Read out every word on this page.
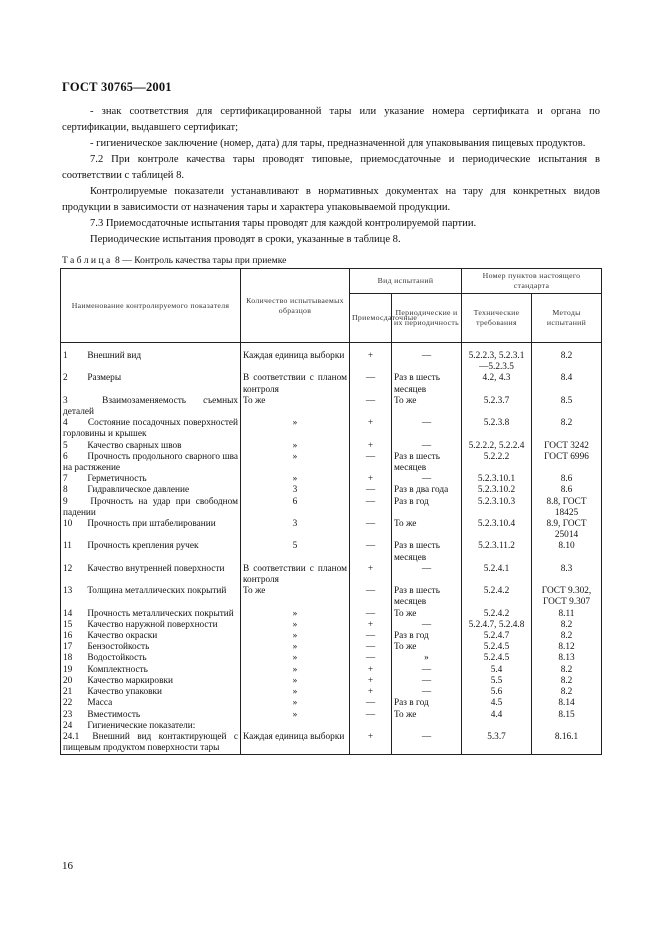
ГОСТ 30765—2001

- знак соответствия для сертификацированной тары или указание номера сертификата и органа по сертификации, выдавшего сертификат;

- гигиеническое заключение (номер, дата) для тары, предназначенной для упаковывания пищевых продуктов.

7.2 При контроле качества тары проводят типовые, приемосдаточные и периодические испытания в соответствии с таблицей 8.

Контролируемые показатели устанавливают в нормативных документах на тару для конкретных видов продукции в зависимости от назначения тары и характера упаковываемой продукции.

7.3 Приемосдаточные испытания тары проводят для каждой контролируемой партии.

Периодические испытания проводят в сроки, указанные в таблице 8.

Таблица 8 — Контроль качества тары при приемке
Наименование контролируемого показателя	Количество испытываемых образцов	Вид испытаний		Номер пунктов настоящего стандарта	
		Приемосдаточные	Периодические и их периодичность	Технические требования	Методы испытаний
1 Внешний вид	Каждая единица выборки	+	—	5.2.2.3, 5.2.3.1—5.2.3.5	8.2
2 Размеры	В соответствии с планом контроля	—	Раз в шесть месяцев	4.2, 4.3	8.4
3 Взаимозаменяемость съемных деталей	То же	—	То же	5.2.3.7	8.5
4 Состояние посадочных поверхностей горловины и крышек	»	+	—	5.2.3.8	8.2
5 Качество сварных швов	»	+	—	5.2.2.2, 5.2.2.4	ГОСТ 3242
6 Прочность продольного сварного шва на растяжение	»	—	Раз в шесть месяцев	5.2.2.2	ГОСТ 6996
7 Герметичность	»	+	—	5.2.3.10.1	8.6
8 Гидравлическое давление	3	—	Раз в два года	5.2.3.10.2	8.6
9 Прочность на удар при свободном падении	6	—	Раз в год	5.2.3.10.3	8.8, ГОСТ 18425
10 Прочность при штабелировании	3	—	То же	5.2.3.10.4	8.9, ГОСТ 25014
11 Прочность крепления ручек	5	—	Раз в шесть месяцев	5.2.3.11.2	8.10
12 Качество внутренней поверхности	В соответствии с планом контроля	+	—	5.2.4.1	8.3
13 Толщина металлических покрытий	То же	—	Раз в шесть месяцев	5.2.4.2	ГОСТ 9.302, ГОСТ 9.307
14 Прочность металлических покрытий	»	—	То же	5.2.4.2	8.11
15 Качество наружной поверхности	»	+	—	5.2.4.7, 5.2.4.8	8.2
16 Качество окраски	»	—	Раз в год	5.2.4.7	8.2
17 Бензостойкость	»	—	То же	5.2.4.5	8.12
18 Водостойкость	»	—	»	5.2.4.5	8.13
19 Комплектность	»	+	—	5.4	8.2
20 Качество маркировки	»	+	—	5.5	8.2
21 Качество упаковки	»	+	—	5.6	8.2
22 Масса	»	—	Раз в год	4.5	8.14
23 Вместимость	»	—	То же	4.4	8.15
24 Гигиенические показатели:					
24.1 Внешний вид контактирующей с пищевым продуктом поверхности тары	Каждая единица выборки	+	—	5.3.7	8.16.1
16
